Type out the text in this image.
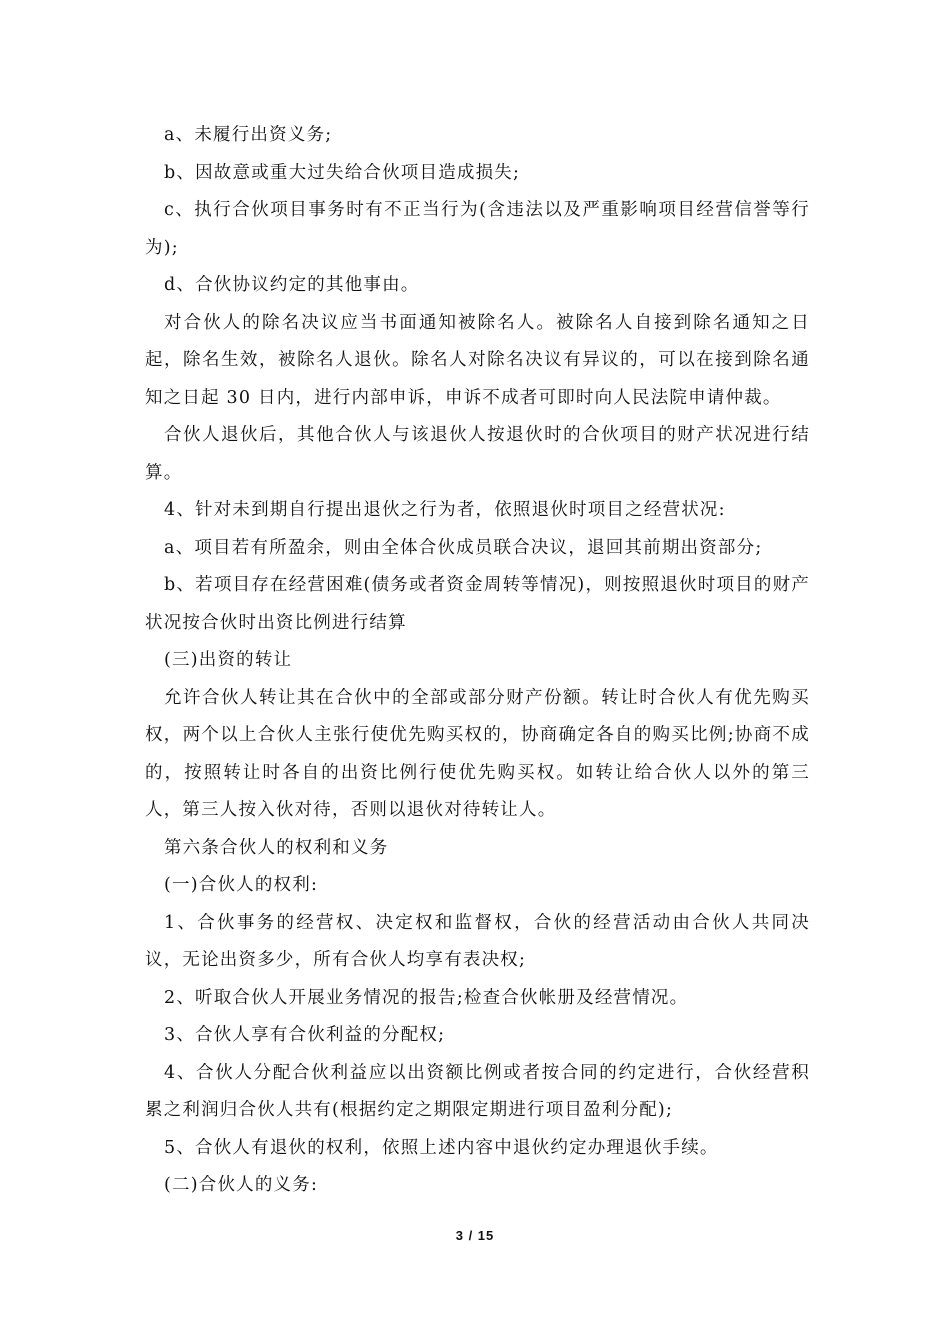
a、未履行出资义务;

b、因故意或重大过失给合伙项目造成损失;

c、执行合伙项目事务时有不正当行为(含违法以及严重影响项目经营信誉等行为);

d、合伙协议约定的其他事由。

对合伙人的除名决议应当书面通知被除名人。被除名人自接到除名通知之日起，除名生效，被除名人退伙。除名人对除名决议有异议的，可以在接到除名通知之日起 30 日内，进行内部申诉，申诉不成者可即时向人民法院申请仲裁。

合伙人退伙后，其他合伙人与该退伙人按退伙时的合伙项目的财产状况进行结算。

4、针对未到期自行提出退伙之行为者，依照退伙时项目之经营状况:

a、项目若有所盈余，则由全体合伙成员联合决议，退回其前期出资部分;

b、若项目存在经营困难(债务或者资金周转等情况)，则按照退伙时项目的财产状况按合伙时出资比例进行结算

(三)出资的转让

允许合伙人转让其在合伙中的全部或部分财产份额。转让时合伙人有优先购买权，两个以上合伙人主张行使优先购买权的，协商确定各自的购买比例;协商不成的，按照转让时各自的出资比例行使优先购买权。如转让给合伙人以外的第三人，第三人按入伙对待，否则以退伙对待转让人。

第六条合伙人的权利和义务

(一)合伙人的权利:

1、合伙事务的经营权、决定权和监督权，合伙的经营活动由合伙人共同决议，无论出资多少，所有合伙人均享有表决权;

2、听取合伙人开展业务情况的报告;检查合伙帐册及经营情况。

3、合伙人享有合伙利益的分配权;

4、合伙人分配合伙利益应以出资额比例或者按合同的约定进行，合伙经营积累之利润归合伙人共有(根据约定之期限定期进行项目盈利分配);

5、合伙人有退伙的权利，依照上述内容中退伙约定办理退伙手续。

(二)合伙人的义务:

3 / 15
